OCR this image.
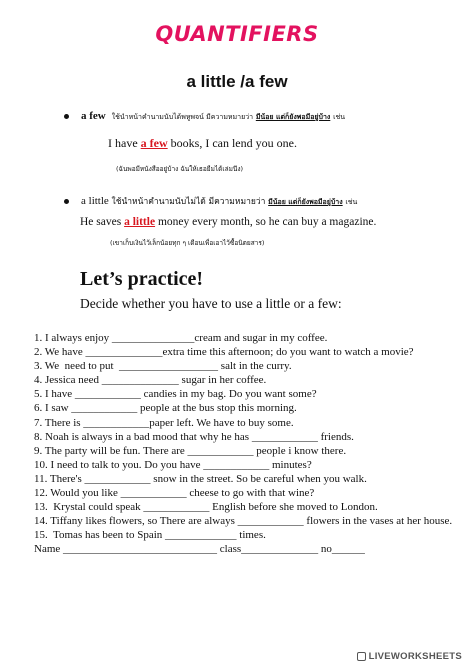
QUANTIFIERS
a little /a few
a few ใช้นำหน้าคำนามนับได้พหูพจน์ มีความหมายว่า มีน้อย แต่ก็ยังพอมีอยู่บ้าง เช่น
I have a few books, I can lend you one.
(ฉันพอมีหนังสืออยู่บ้าง ฉันให้เธอยืมได้เล่มนึง)
a little ใช้นำหน้าคำนามนับไม่ได้ มีความหมายว่า มีน้อย แต่ก็ยังพอมีอยู่บ้าง เช่น
He saves a little money every month, so he can buy a magazine.
(เขาเก็บเงินไว้เล็กน้อยทุก ๆ เดือนเพื่อเอาไว้ซื้อนิตยสาร)
Let’s practice!
Decide whether you have to use a little or a few:
1. I always enjoy _______________cream and sugar in my coffee.
2. We have ______________extra time this afternoon; do you want to watch a movie?
3. We  need to put  __________________ salt in the curry.
4. Jessica need ______________ sugar in her coffee.
5. I have ____________ candies in my bag. Do you want some?
6. I saw ____________ people at the bus stop this morning.
7. There is ____________paper left. We have to buy some.
8. Noah is always in a bad mood that why he has ____________ friends.
9. The party will be fun. There are ____________ people i know there.
10. I need to talk to you. Do you have ____________ minutes?
11. There's ____________ snow in the street. So be careful when you walk.
12. Would you like ____________ cheese to go with that wine?
13.  Krystal could speak ____________ English before she moved to London.
14. Tiffany likes flowers, so There are always ____________ flowers in the vases at her house.
15.  Tomas has been to Spain _____________ times.
Name ____________________________ class______________ no______
LIVEWORKSHEETS
